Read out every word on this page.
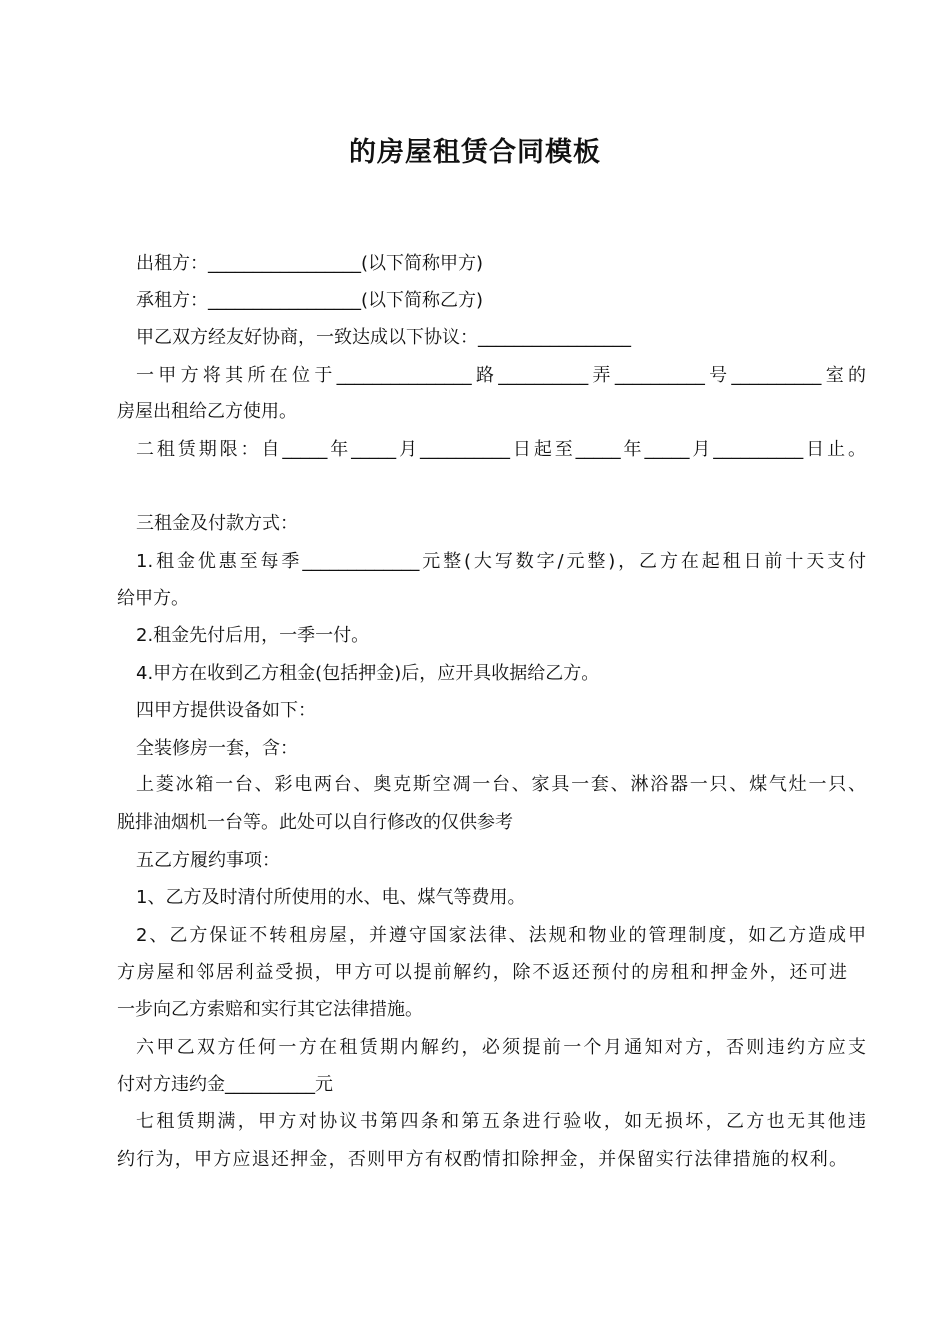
的房屋租赁合同模板

出租方：_________________(以下简称甲方)

承租方：_________________(以下简称乙方)

甲乙双方经友好协商，一致达成以下协议：_________________

一甲方将其所在位于_______________路__________弄__________号__________室的

房屋出租给乙方使用。

二租赁期限：自_____年_____月__________日起至_____年_____月__________日止。

三租金及付款方式：

1.租金优惠至每季_____________元整(大写数字/元整)，乙方在起租日前十天支付

给甲方。

2.租金先付后用，一季一付。

4.甲方在收到乙方租金(包括押金)后，应开具收据给乙方。

四甲方提供设备如下：

全装修房一套，含：

上菱冰箱一台、彩电两台、奥克斯空凋一台、家具一套、淋浴器一只、煤气灶一只、

脱排油烟机一台等。此处可以自行修改的仅供参考

五乙方履约事项：

1、乙方及时清付所使用的水、电、煤气等费用。

2、乙方保证不转租房屋，并遵守国家法律、法规和物业的管理制度，如乙方造成甲

方房屋和邻居利益受损，甲方可以提前解约，除不返还预付的房租和押金外，还可进

一步向乙方索赔和实行其它法律措施。

六甲乙双方任何一方在租赁期内解约，必须提前一个月通知对方，否则违约方应支

付对方违约金__________元

七租赁期满，甲方对协议书第四条和第五条进行验收，如无损坏，乙方也无其他违

约行为，甲方应退还押金，否则甲方有权酌情扣除押金，并保留实行法律措施的权利。
